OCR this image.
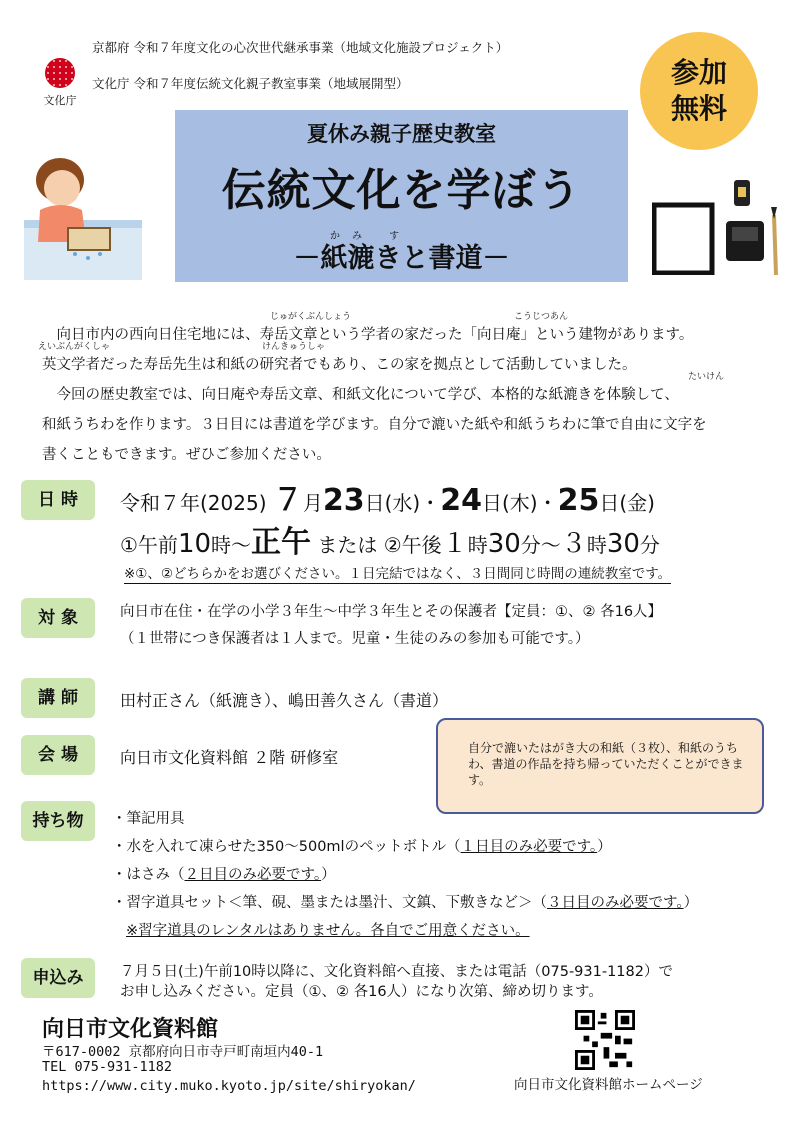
京都府 令和７年度文化の心次世代継承事業（地域文化施設プロジェクト）
文化庁 令和７年度伝統文化親子教室事業（地域展開型）
文化庁
参加
無料
夏休み親子歴史教室
伝統文化を学ぼう
－紙漉きと書道－
かみ す

　向日市内の西向日住宅地には、寿岳文章という学者の家だった「向日庵」という建物があります。

英文学者だった寿岳先生は和紙の研究者でもあり、この家を拠点として活動していました。

　今回の歴史教室では、向日庵や寿岳文章、和紙文化について学び、本格的な紙漉きを体験して、

和紙うちわを作ります。３日目には書道を学びます。自分で漉いた紙や和紙うちわに筆で自由に文字を

書くこともできます。ぜひご参加ください。

じゅがくぶんしょう	こうじつあん
えいぶんがくしゃ	けんきゅうしゃ
たいけん
日 時	令和７年(2025) ７月23日(水)・24日(木)・25日(金)
①午前10時～正午 または ②午後１時30分～３時30分
※①、②どちらかをお選びください。１日完結ではなく、３日間同じ時間の連続教室です。
対 象	向日市在住・在学の小学３年生～中学３年生とその保護者【定員：①、② 各16人】
（１世帯につき保護者は１人まで。児童・生徒のみの参加も可能です。）
講 師	田村正さん（紙漉き）、嶋田善久さん（書道）
会 場	向日市文化資料館 ２階 研修室	自分で漉いたはがき大の和紙（３枚）、和紙のうちわ、書道の作品を持ち帰っていただくことができます。
持ち物	・筆記用具
・水を入れて凍らせた350～500mlのペットボトル（１日目のみ必要です。）
・はさみ（２日目のみ必要です。）
・習字道具セット＜筆、硯、墨または墨汁、文鎮、下敷きなど＞（３日目のみ必要です。）
※習字道具のレンタルはありません。各自でご用意ください。
申込み	７月５日(土)午前10時以降に、文化資料館へ直接、または電話（075-931-1182）で
お申し込みください。定員（①、② 各16人）になり次第、締め切ります。
向日市文化資料館
〒617-0002 京都府向日市寺戸町南垣内40-1
TEL 075-931-1182
https://www.city.muko.kyoto.jp/site/shiryokan/	向日市文化資料館ホームページ
